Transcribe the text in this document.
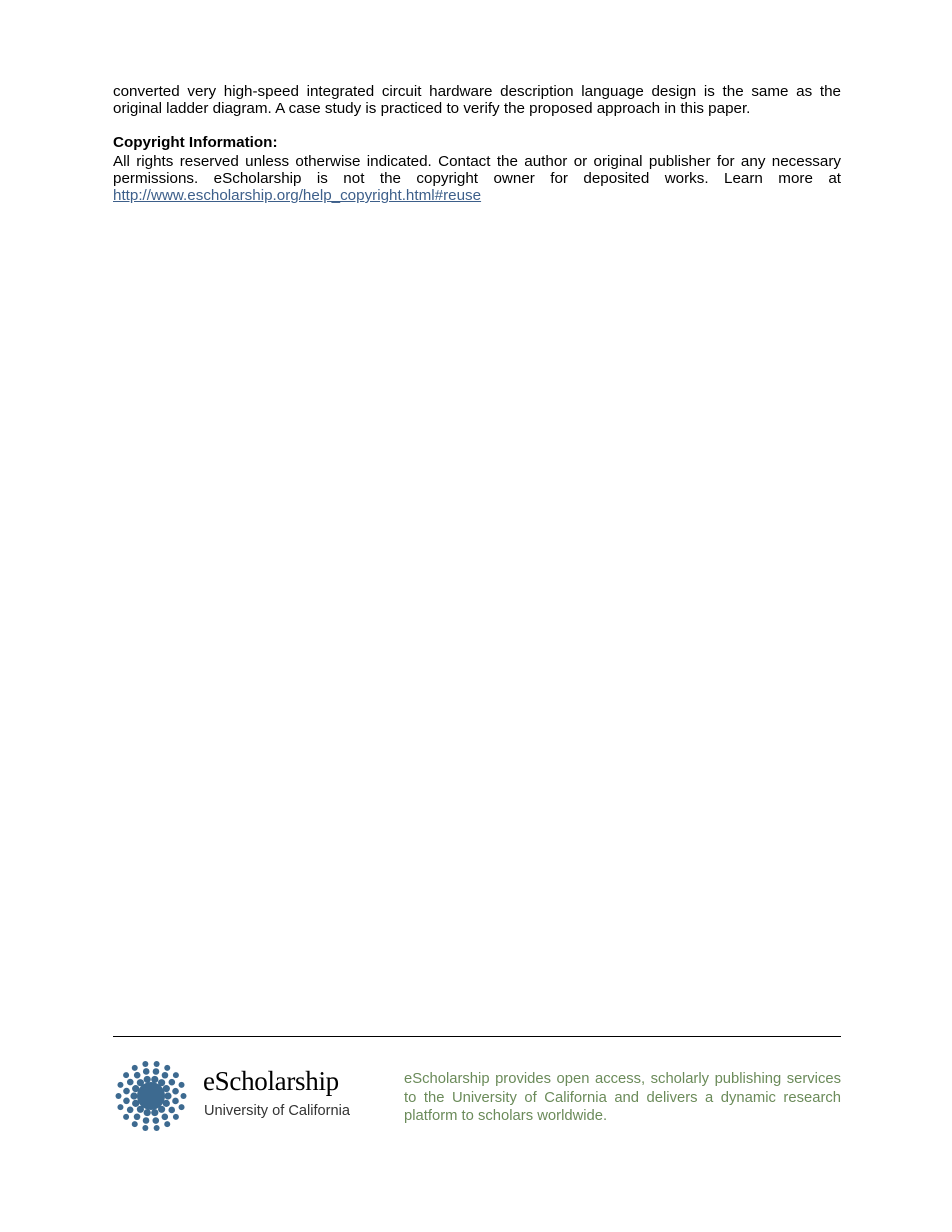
converted very high-speed integrated circuit hardware description language design is the same as the original ladder diagram. A case study is practiced to verify the proposed approach in this paper.

Copyright Information:

All rights reserved unless otherwise indicated. Contact the author or original publisher for any necessary permissions. eScholarship is not the copyright owner for deposited works. Learn more at http://www.escholarship.org/help_copyright.html#reuse

eScholarship
University of California

eScholarship provides open access, scholarly publishing services to the University of California and delivers a dynamic research platform to scholars worldwide.
